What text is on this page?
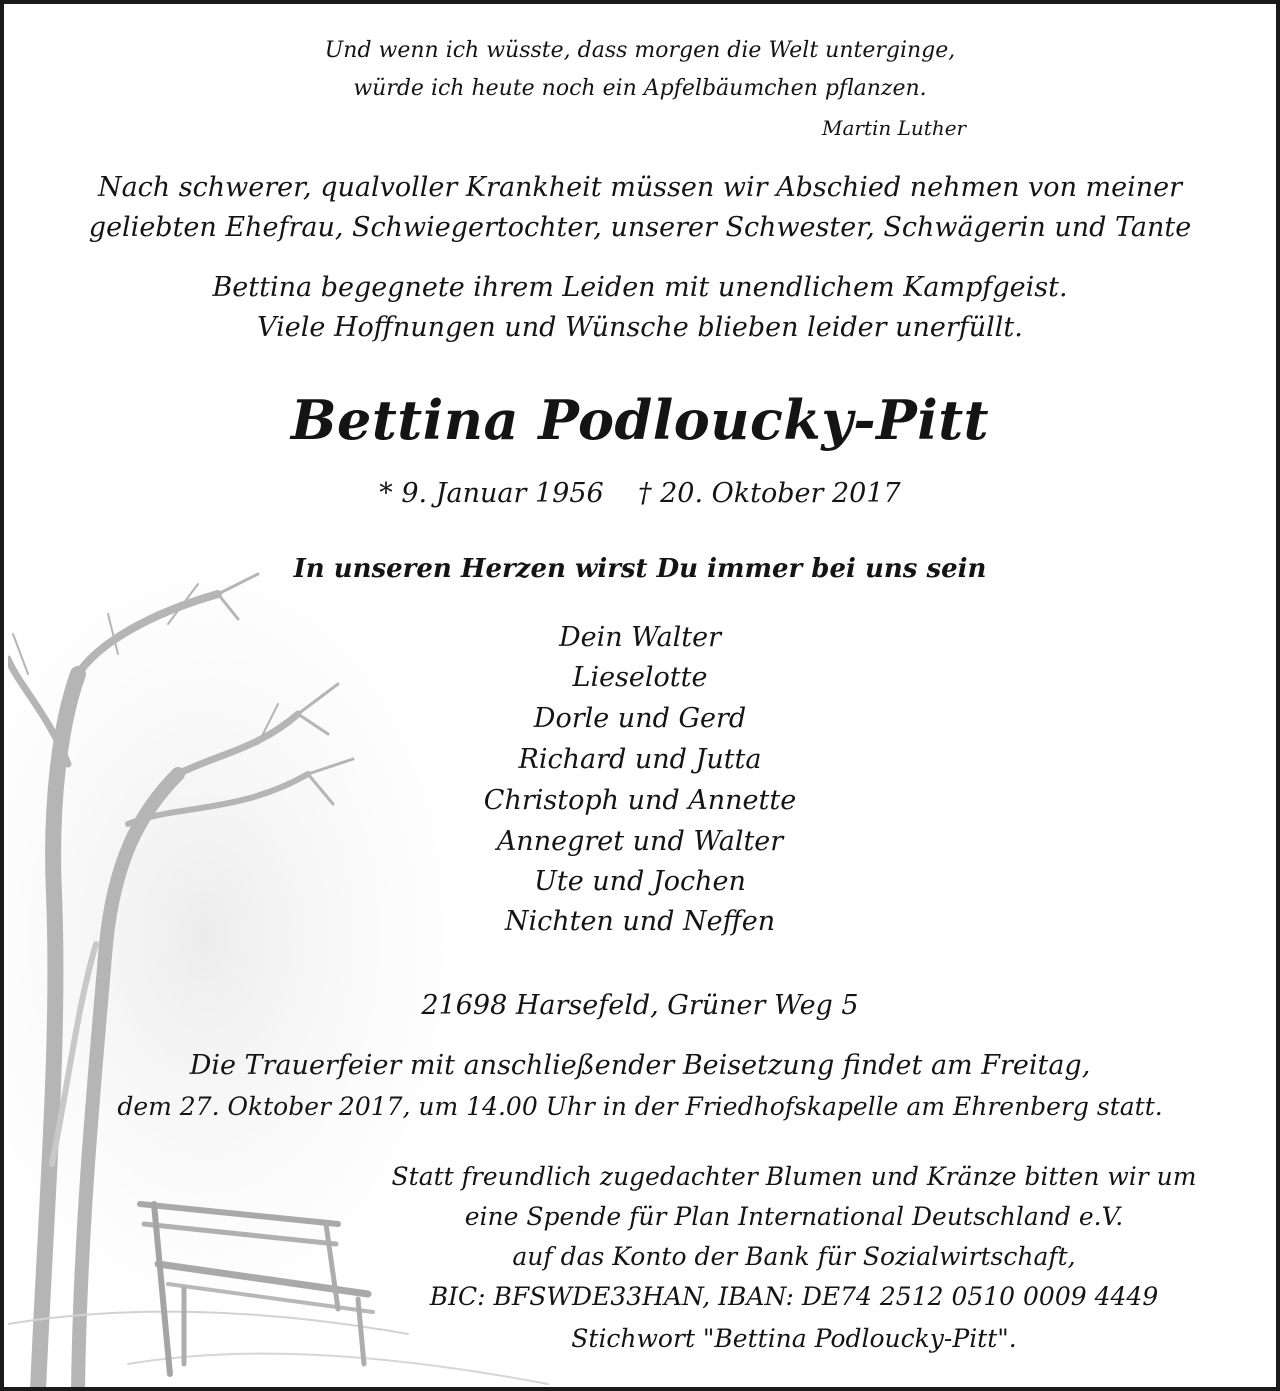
Und wenn ich wüsste, dass morgen die Welt unterginge,
würde ich heute noch ein Apfelbäumchen pflanzen.
Martin Luther
Nach schwerer, qualvoller Krankheit müssen wir Abschied nehmen von meiner
geliebten Ehefrau, Schwiegertochter, unserer Schwester, Schwägerin und Tante
Bettina begegnete ihrem Leiden mit unendlichem Kampfgeist.
Viele Hoffnungen und Wünsche blieben leider unerfüllt.
Bettina Podloucky-Pitt
* 9. Januar 1956 † 20. Oktober 2017
In unseren Herzen wirst Du immer bei uns sein
Dein Walter
Lieselotte
Dorle und Gerd
Richard und Jutta
Christoph und Annette
Annegret und Walter
Ute und Jochen
Nichten und Neffen
21698 Harsefeld, Grüner Weg 5
Die Trauerfeier mit anschließender Beisetzung findet am Freitag,
dem 27. Oktober 2017, um 14.00 Uhr in der Friedhofskapelle am Ehrenberg statt.
Statt freundlich zugedachter Blumen und Kränze bitten wir um
eine Spende für Plan International Deutschland e.V.
auf das Konto der Bank für Sozialwirtschaft,
BIC: BFSWDE33HAN, IBAN: DE74 2512 0510 0009 4449
Stichwort "Bettina Podloucky-Pitt".
